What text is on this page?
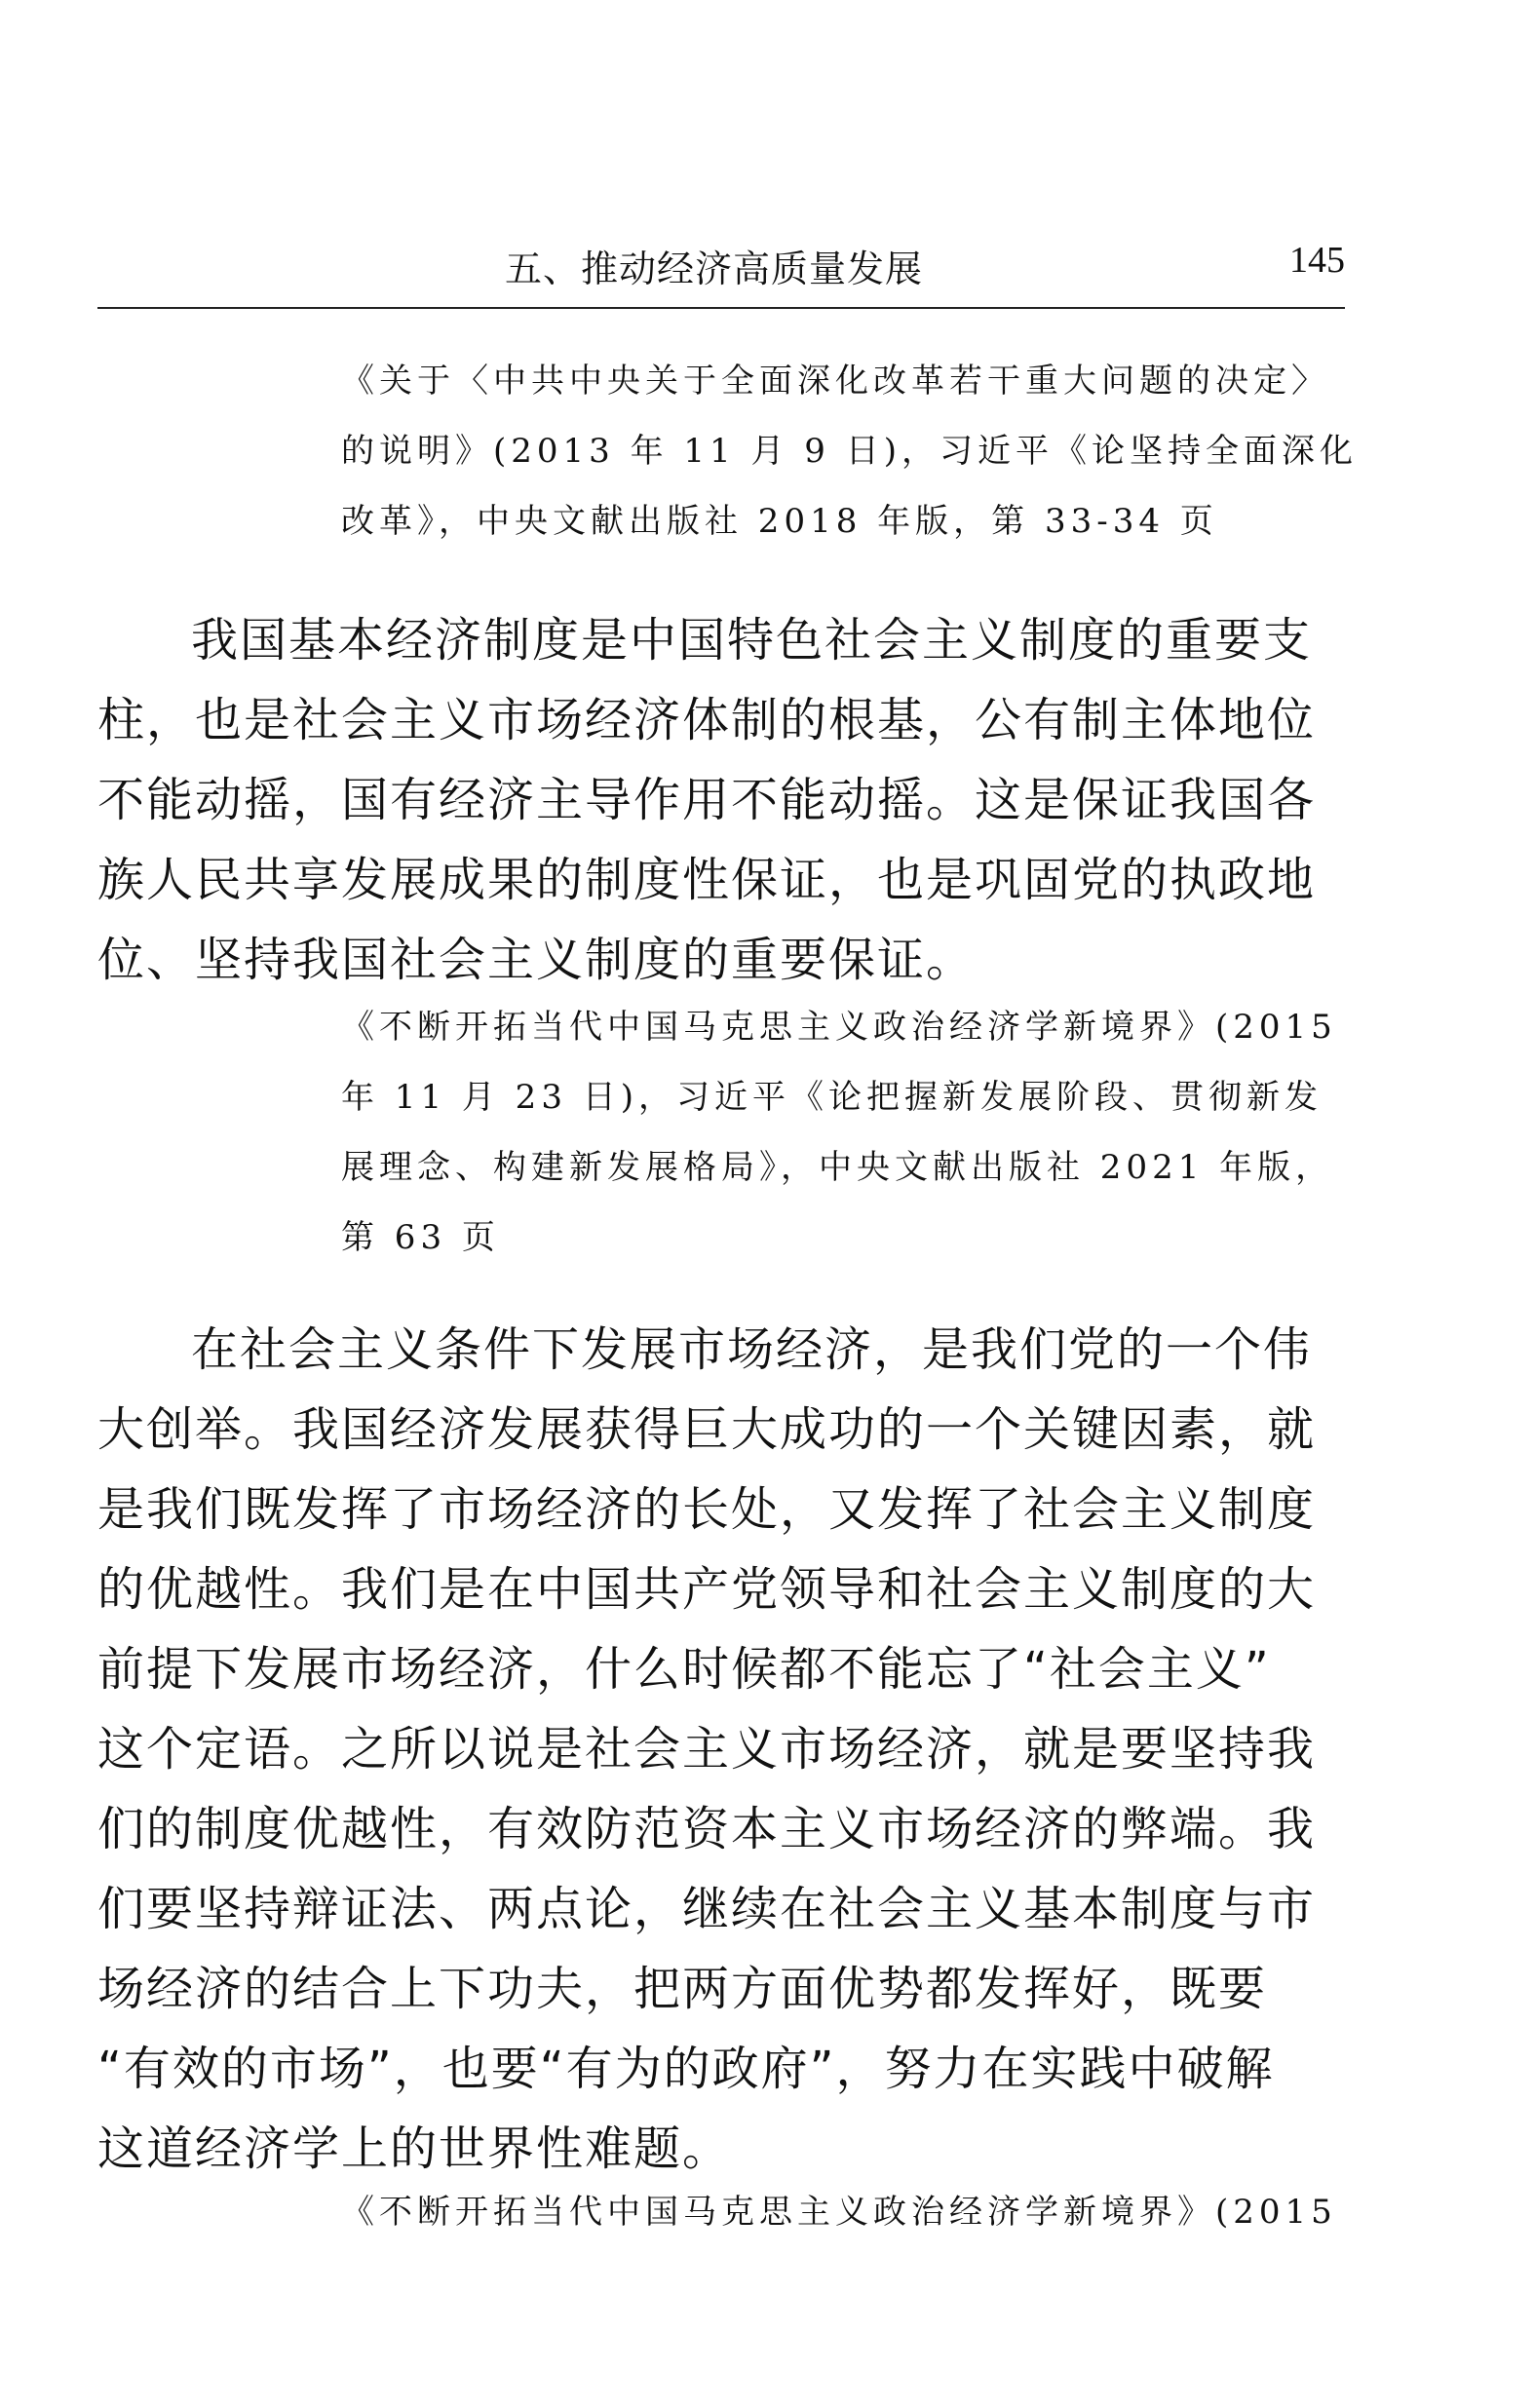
五、推动经济高质量发展	145
《关于〈中共中央关于全面深化改革若干重大问题的决定〉
的说明》(2013 年 11 月 9 日)，习近平《论坚持全面深化
改革》，中央文献出版社 2018 年版，第 33-34 页
我国基本经济制度是中国特色社会主义制度的重要支
柱，也是社会主义市场经济体制的根基，公有制主体地位
不能动摇，国有经济主导作用不能动摇。这是保证我国各
族人民共享发展成果的制度性保证，也是巩固党的执政地
位、坚持我国社会主义制度的重要保证。
《不断开拓当代中国马克思主义政治经济学新境界》(2015
年 11 月 23 日)，习近平《论把握新发展阶段、贯彻新发
展理念、构建新发展格局》，中央文献出版社 2021 年版，
第 63 页
在社会主义条件下发展市场经济，是我们党的一个伟
大创举。我国经济发展获得巨大成功的一个关键因素，就
是我们既发挥了市场经济的长处，又发挥了社会主义制度
的优越性。我们是在中国共产党领导和社会主义制度的大
前提下发展市场经济，什么时候都不能忘了“社会主义”
这个定语。之所以说是社会主义市场经济，就是要坚持我
们的制度优越性，有效防范资本主义市场经济的弊端。我
们要坚持辩证法、两点论，继续在社会主义基本制度与市
场经济的结合上下功夫，把两方面优势都发挥好，既要
“有效的市场”，也要“有为的政府”，努力在实践中破解
这道经济学上的世界性难题。
《不断开拓当代中国马克思主义政治经济学新境界》(2015
